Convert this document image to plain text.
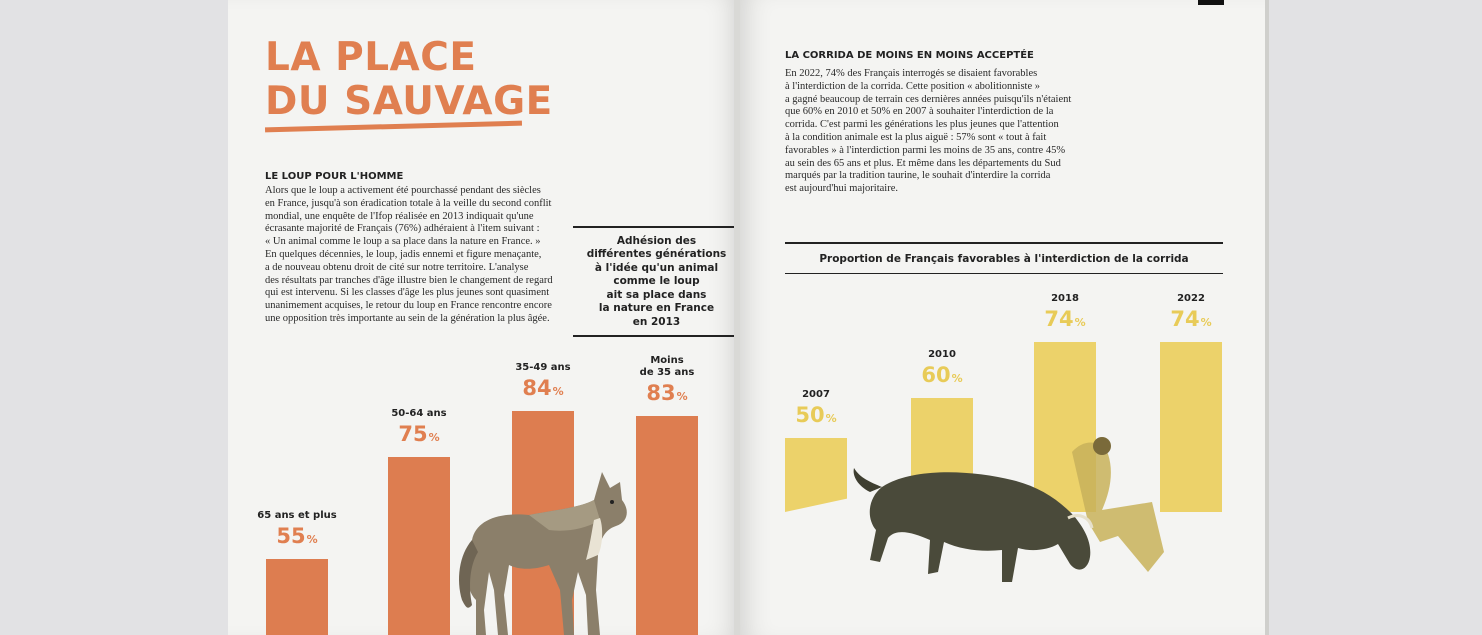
LA PLACE
DU SAUVAGE
LE LOUP POUR L'HOMME

Alors que le loup a activement été pourchassé pendant des siècles
en France, jusqu'à son éradication totale à la veille du second conflit
mondial, une enquête de l'Ifop réalisée en 2013 indiquait qu'une
écrasante majorité de Français (76%) adhéraient à l'item suivant :
« Un animal comme le loup a sa place dans la nature en France. »
En quelques décennies, le loup, jadis ennemi et figure menaçante,
a de nouveau obtenu droit de cité sur notre territoire. L'analyse
des résultats par tranches d'âge illustre bien le changement de regard
qui est intervenu. Si les classes d'âge les plus jeunes sont quasiment
unanimement acquises, le retour du loup en France rencontre encore
une opposition très importante au sein de la génération la plus âgée.

Adhésion des
différentes générations
à l'idée qu'un animal
comme le loup
ait sa place dans
la nature en France
en 2013

55%
65 ans et plus
75%
50-64 ans
84%
35-49 ans
83%
Moins
de 35 ans
LA CORRIDA DE MOINS EN MOINS ACCEPTÉE

En 2022, 74% des Français interrogés se disaient favorables
à l'interdiction de la corrida. Cette position « abolitionniste »
a gagné beaucoup de terrain ces dernières années puisqu'ils n'étaient
que 60% en 2010 et 50% en 2007 à souhaiter l'interdiction de la
corrida. C'est parmi les générations les plus jeunes que l'attention
à la condition animale est la plus aiguë : 57% sont « tout à fait
favorables » à l'interdiction parmi les moins de 35 ans, contre 45%
au sein des 65 ans et plus. Et même dans les départements du Sud
marqués par la tradition taurine, le souhait d'interdire la corrida
est aujourd'hui majoritaire.

Proportion de Français favorables à l'interdiction de la corrida

50%
2007
60%
2010
74%
2018
74%
2022
